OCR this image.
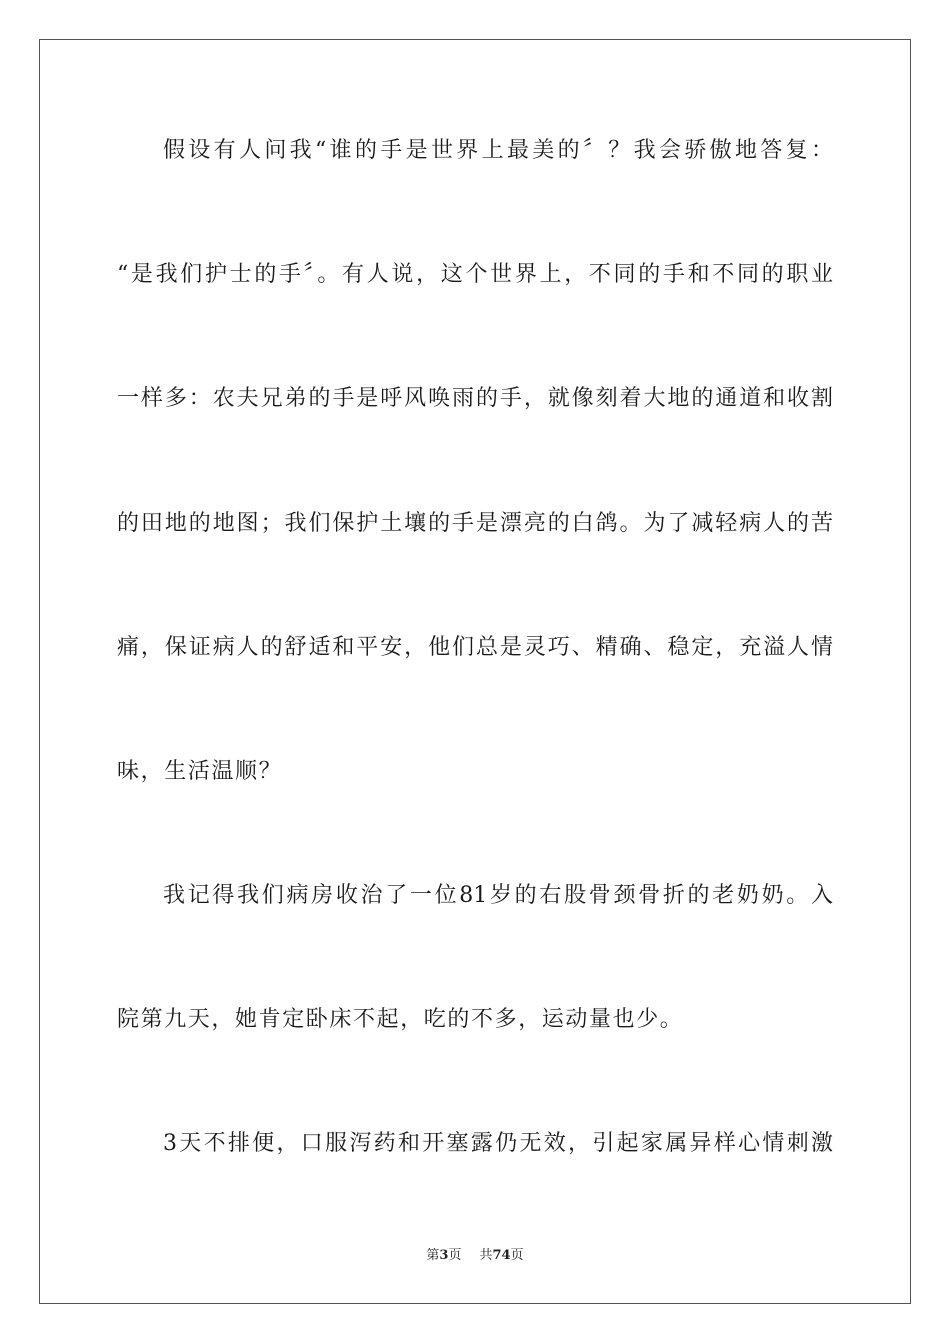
假设有人问我“谁的手是世界上最美的〞？我会骄傲地答复：
“是我们护士的手〞。有人说，这个世界上，不同的手和不同的职业
一样多：农夫兄弟的手是呼风唤雨的手，就像刻着大地的通道和收割
的田地的地图；我们保护土壤的手是漂亮的白鸽。为了减轻病人的苦
痛，保证病人的舒适和平安，他们总是灵巧、精确、稳定，充溢人情
味，生活温顺？
我记得我们病房收治了一位81岁的右股骨颈骨折的老奶奶。入
院第九天，她肯定卧床不起，吃的不多，运动量也少。
3天不排便，口服泻药和开塞露仍无效，引起家属异样心情刺激
第3页 共74页
